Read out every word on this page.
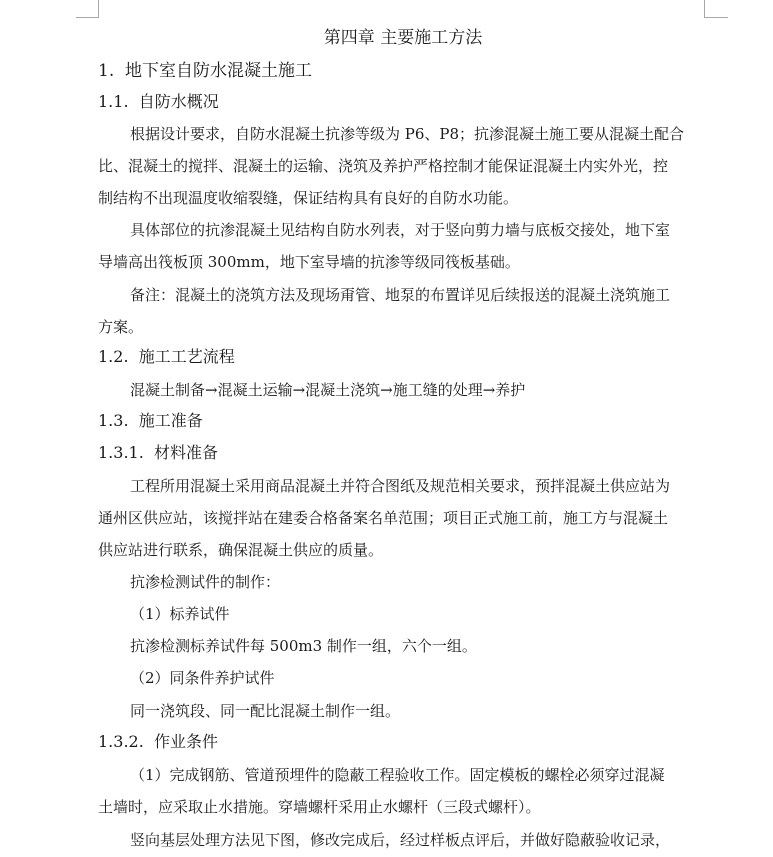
第四章 主要施工方法
1. 地下室自防水混凝土施工
1.1. 自防水概况
根据设计要求，自防水混凝土抗渗等级为 P6、P8；抗渗混凝土施工要从混凝土配合
比、混凝土的搅拌、混凝土的运输、浇筑及养护严格控制才能保证混凝土内实外光，控
制结构不出现温度收缩裂缝，保证结构具有良好的自防水功能。
具体部位的抗渗混凝土见结构自防水列表，对于竖向剪力墙与底板交接处，地下室
导墙高出筏板顶 300mm，地下室导墙的抗渗等级同筏板基础。
备注：混凝土的浇筑方法及现场甭管、地泵的布置详见后续报送的混凝土浇筑施工
方案。
1.2. 施工工艺流程
混凝土制备→混凝土运输→混凝土浇筑→施工缝的处理→养护
1.3. 施工准备
1.3.1. 材料准备
工程所用混凝土采用商品混凝土并符合图纸及规范相关要求，预拌混凝土供应站为
通州区供应站，该搅拌站在建委合格备案名单范围；项目正式施工前，施工方与混凝土
供应站进行联系，确保混凝土供应的质量。
抗渗检测试件的制作：
（1）标养试件
抗渗检测标养试件每 500m3 制作一组，六个一组。
（2）同条件养护试件
同一浇筑段、同一配比混凝土制作一组。
1.3.2. 作业条件
（1）完成钢筋、管道预埋件的隐蔽工程验收工作。固定模板的螺栓必须穿过混凝
土墙时，应采取止水措施。穿墙螺杆采用止水螺杆（三段式螺杆）。
竖向基层处理方法见下图，修改完成后，经过样板点评后，并做好隐蔽验收记录，
